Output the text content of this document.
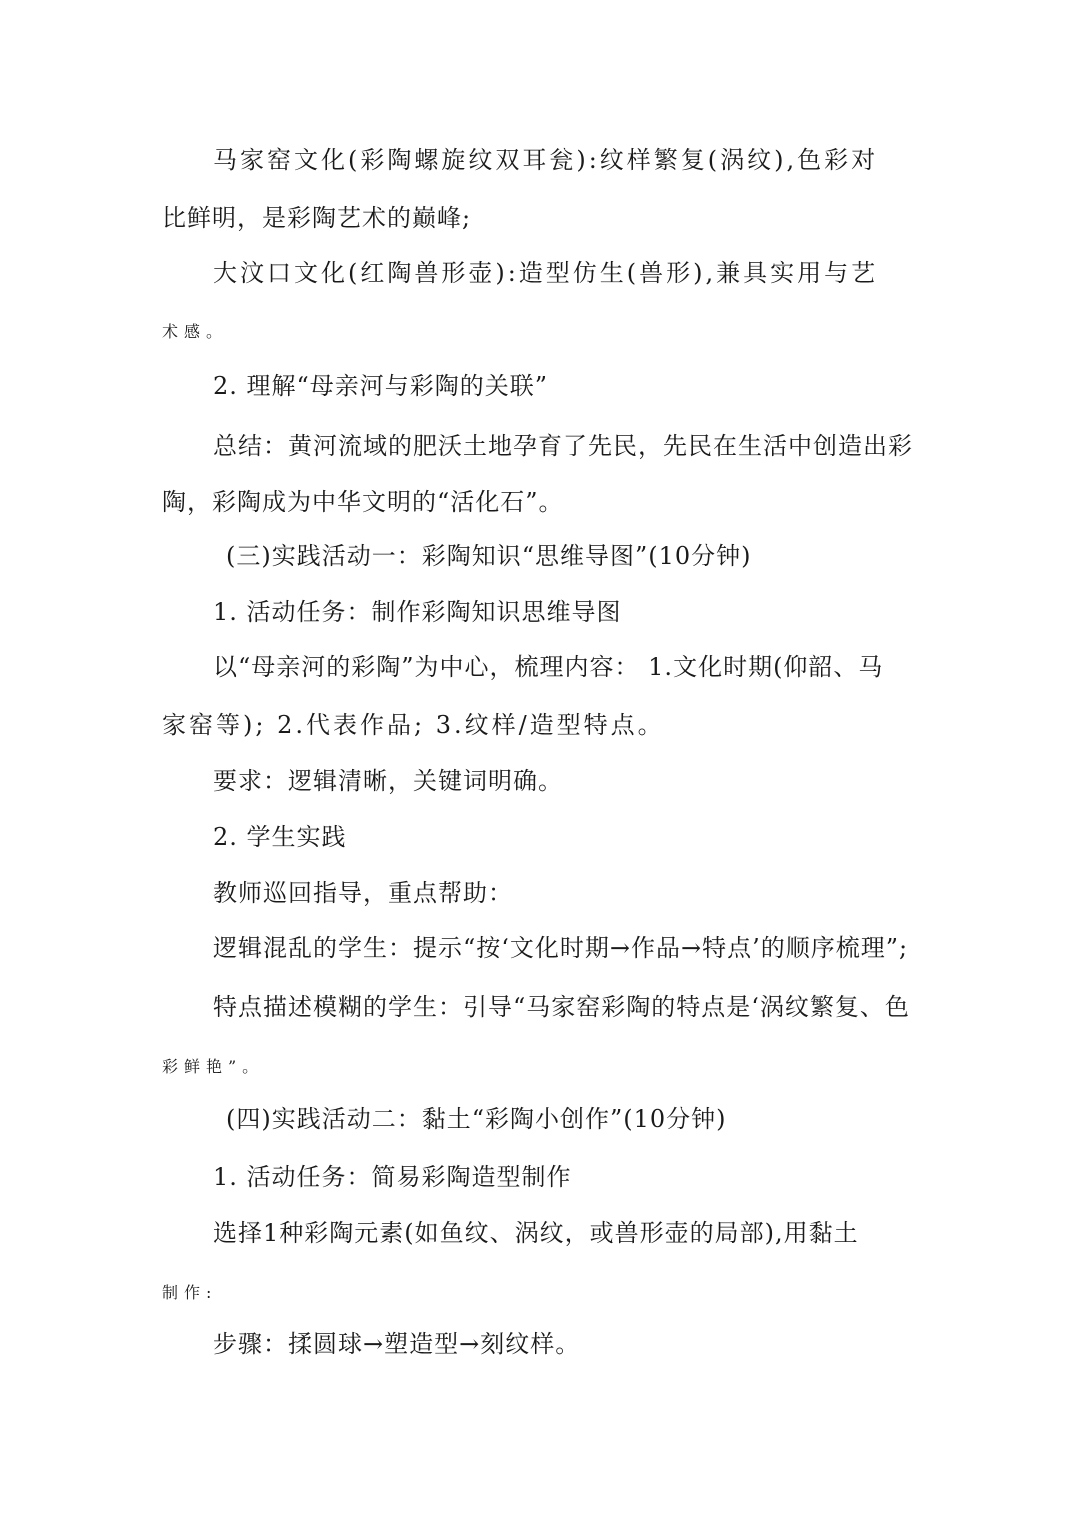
马家窑文化(彩陶螺旋纹双耳瓮):纹样繁复(涡纹),色彩对

比鲜明，是彩陶艺术的巅峰;

大汶口文化(红陶兽形壶):造型仿生(兽形),兼具实用与艺

术感。

2. 理解“母亲河与彩陶的关联”

总结：黄河流域的肥沃土地孕育了先民，先民在生活中创造出彩

陶，彩陶成为中华文明的“活化石”。

(三)实践活动一：彩陶知识“思维导图”(10分钟)

1. 活动任务：制作彩陶知识思维导图

以“母亲河的彩陶”为中心，梳理内容： 1.文化时期(仰韶、马

家窑等); 2.代表作品; 3.纹样/造型特点。

要求：逻辑清晰，关键词明确。

2. 学生实践

教师巡回指导，重点帮助：

逻辑混乱的学生：提示“按‘文化时期→作品→特点’的顺序梳理”;

特点描述模糊的学生：引导“马家窑彩陶的特点是‘涡纹繁复、色

彩鲜艳”。

(四)实践活动二：黏土“彩陶小创作”(10分钟)

1. 活动任务：简易彩陶造型制作

选择1种彩陶元素(如鱼纹、涡纹，或兽形壶的局部),用黏土

制作:

步骤：揉圆球→塑造型→刻纹样。
